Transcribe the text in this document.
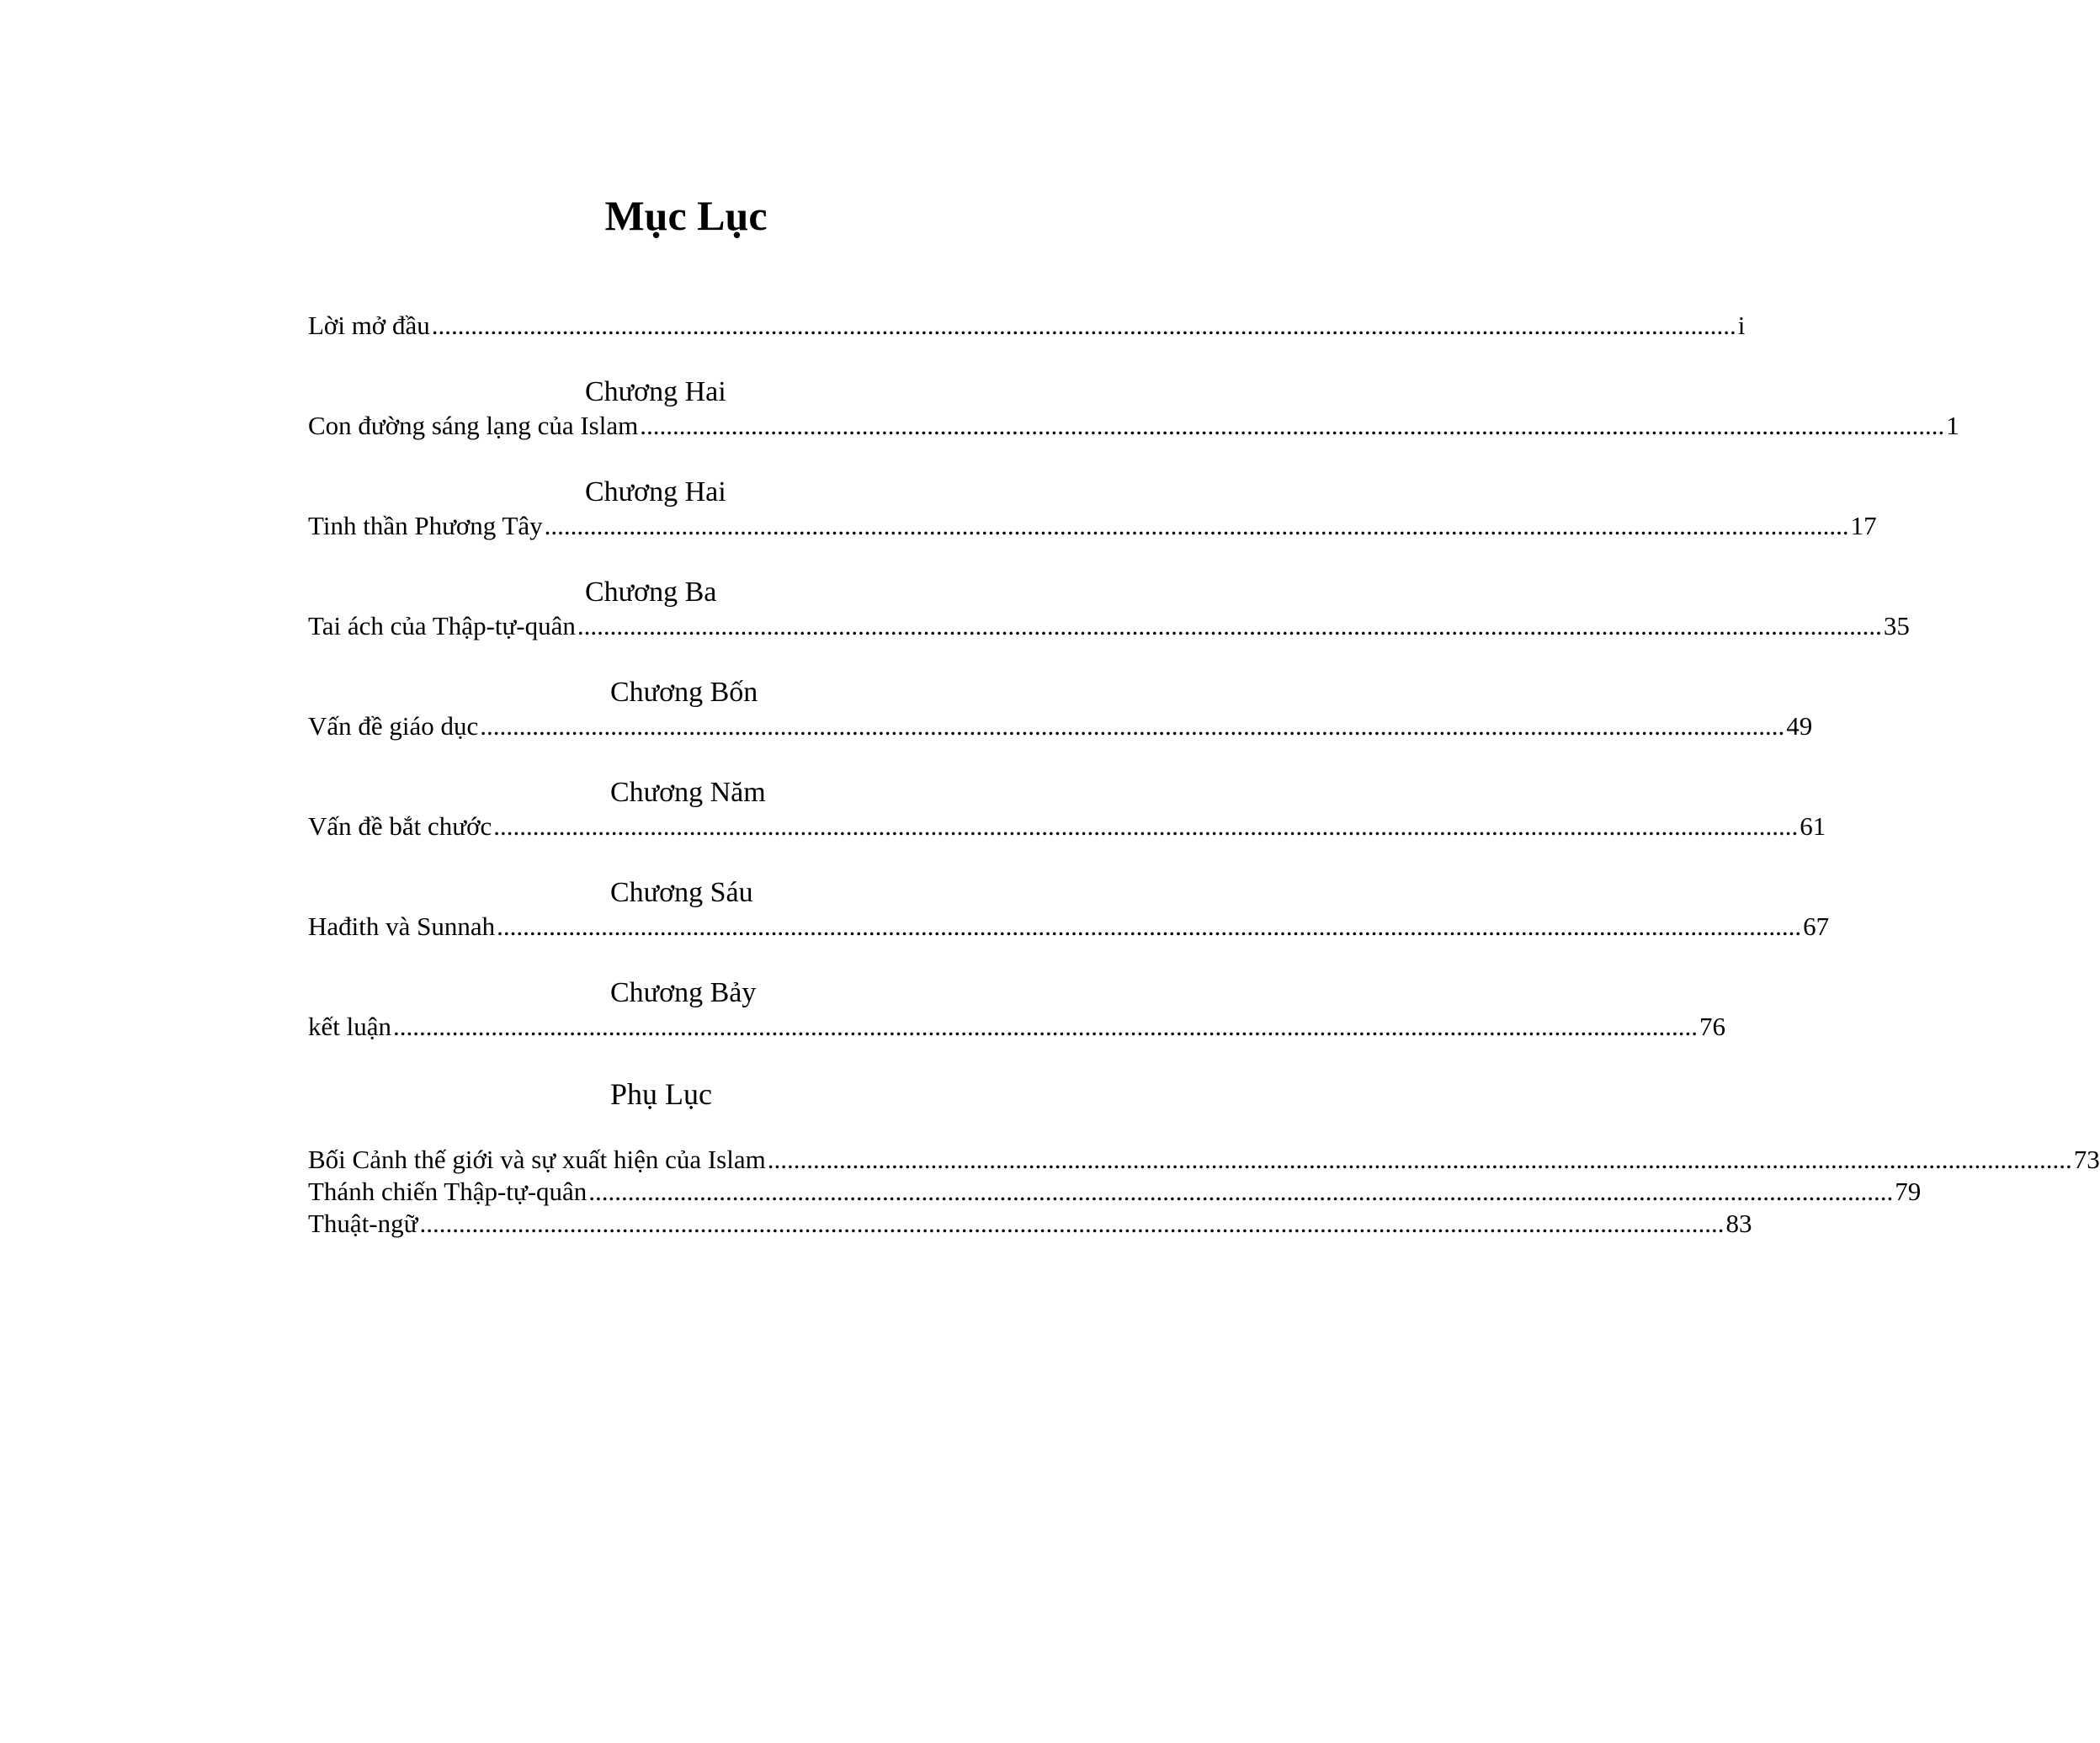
Mục Lục
Lời mở đầu ........................................................................................................................................................................................................ i
Chương Hai
Con đường sáng lạng của Islam ........................................................................................................................................................................................................ 1
Chương Hai
Tinh thần Phương Tây ........................................................................................................................................................................................................ 17
Chương Ba
Tai ách của Thập-tự-quân ........................................................................................................................................................................................................ 35
Chương Bốn
Vấn đề giáo dục ........................................................................................................................................................................................................ 49
Chương Năm
Vấn đề bắt chước ........................................................................................................................................................................................................ 61
Chương Sáu
Hađith và Sunnah ........................................................................................................................................................................................................ 67
Chương Bảy
kết luận ........................................................................................................................................................................................................ 76
Phụ Lục
Bối Cảnh thế giới và sự xuất hiện của Islam ........................................................................................................................................................................................................ 73
Thánh chiến Thập-tự-quân ........................................................................................................................................................................................................ 79
Thuật-ngữ ........................................................................................................................................................................................................ 83
